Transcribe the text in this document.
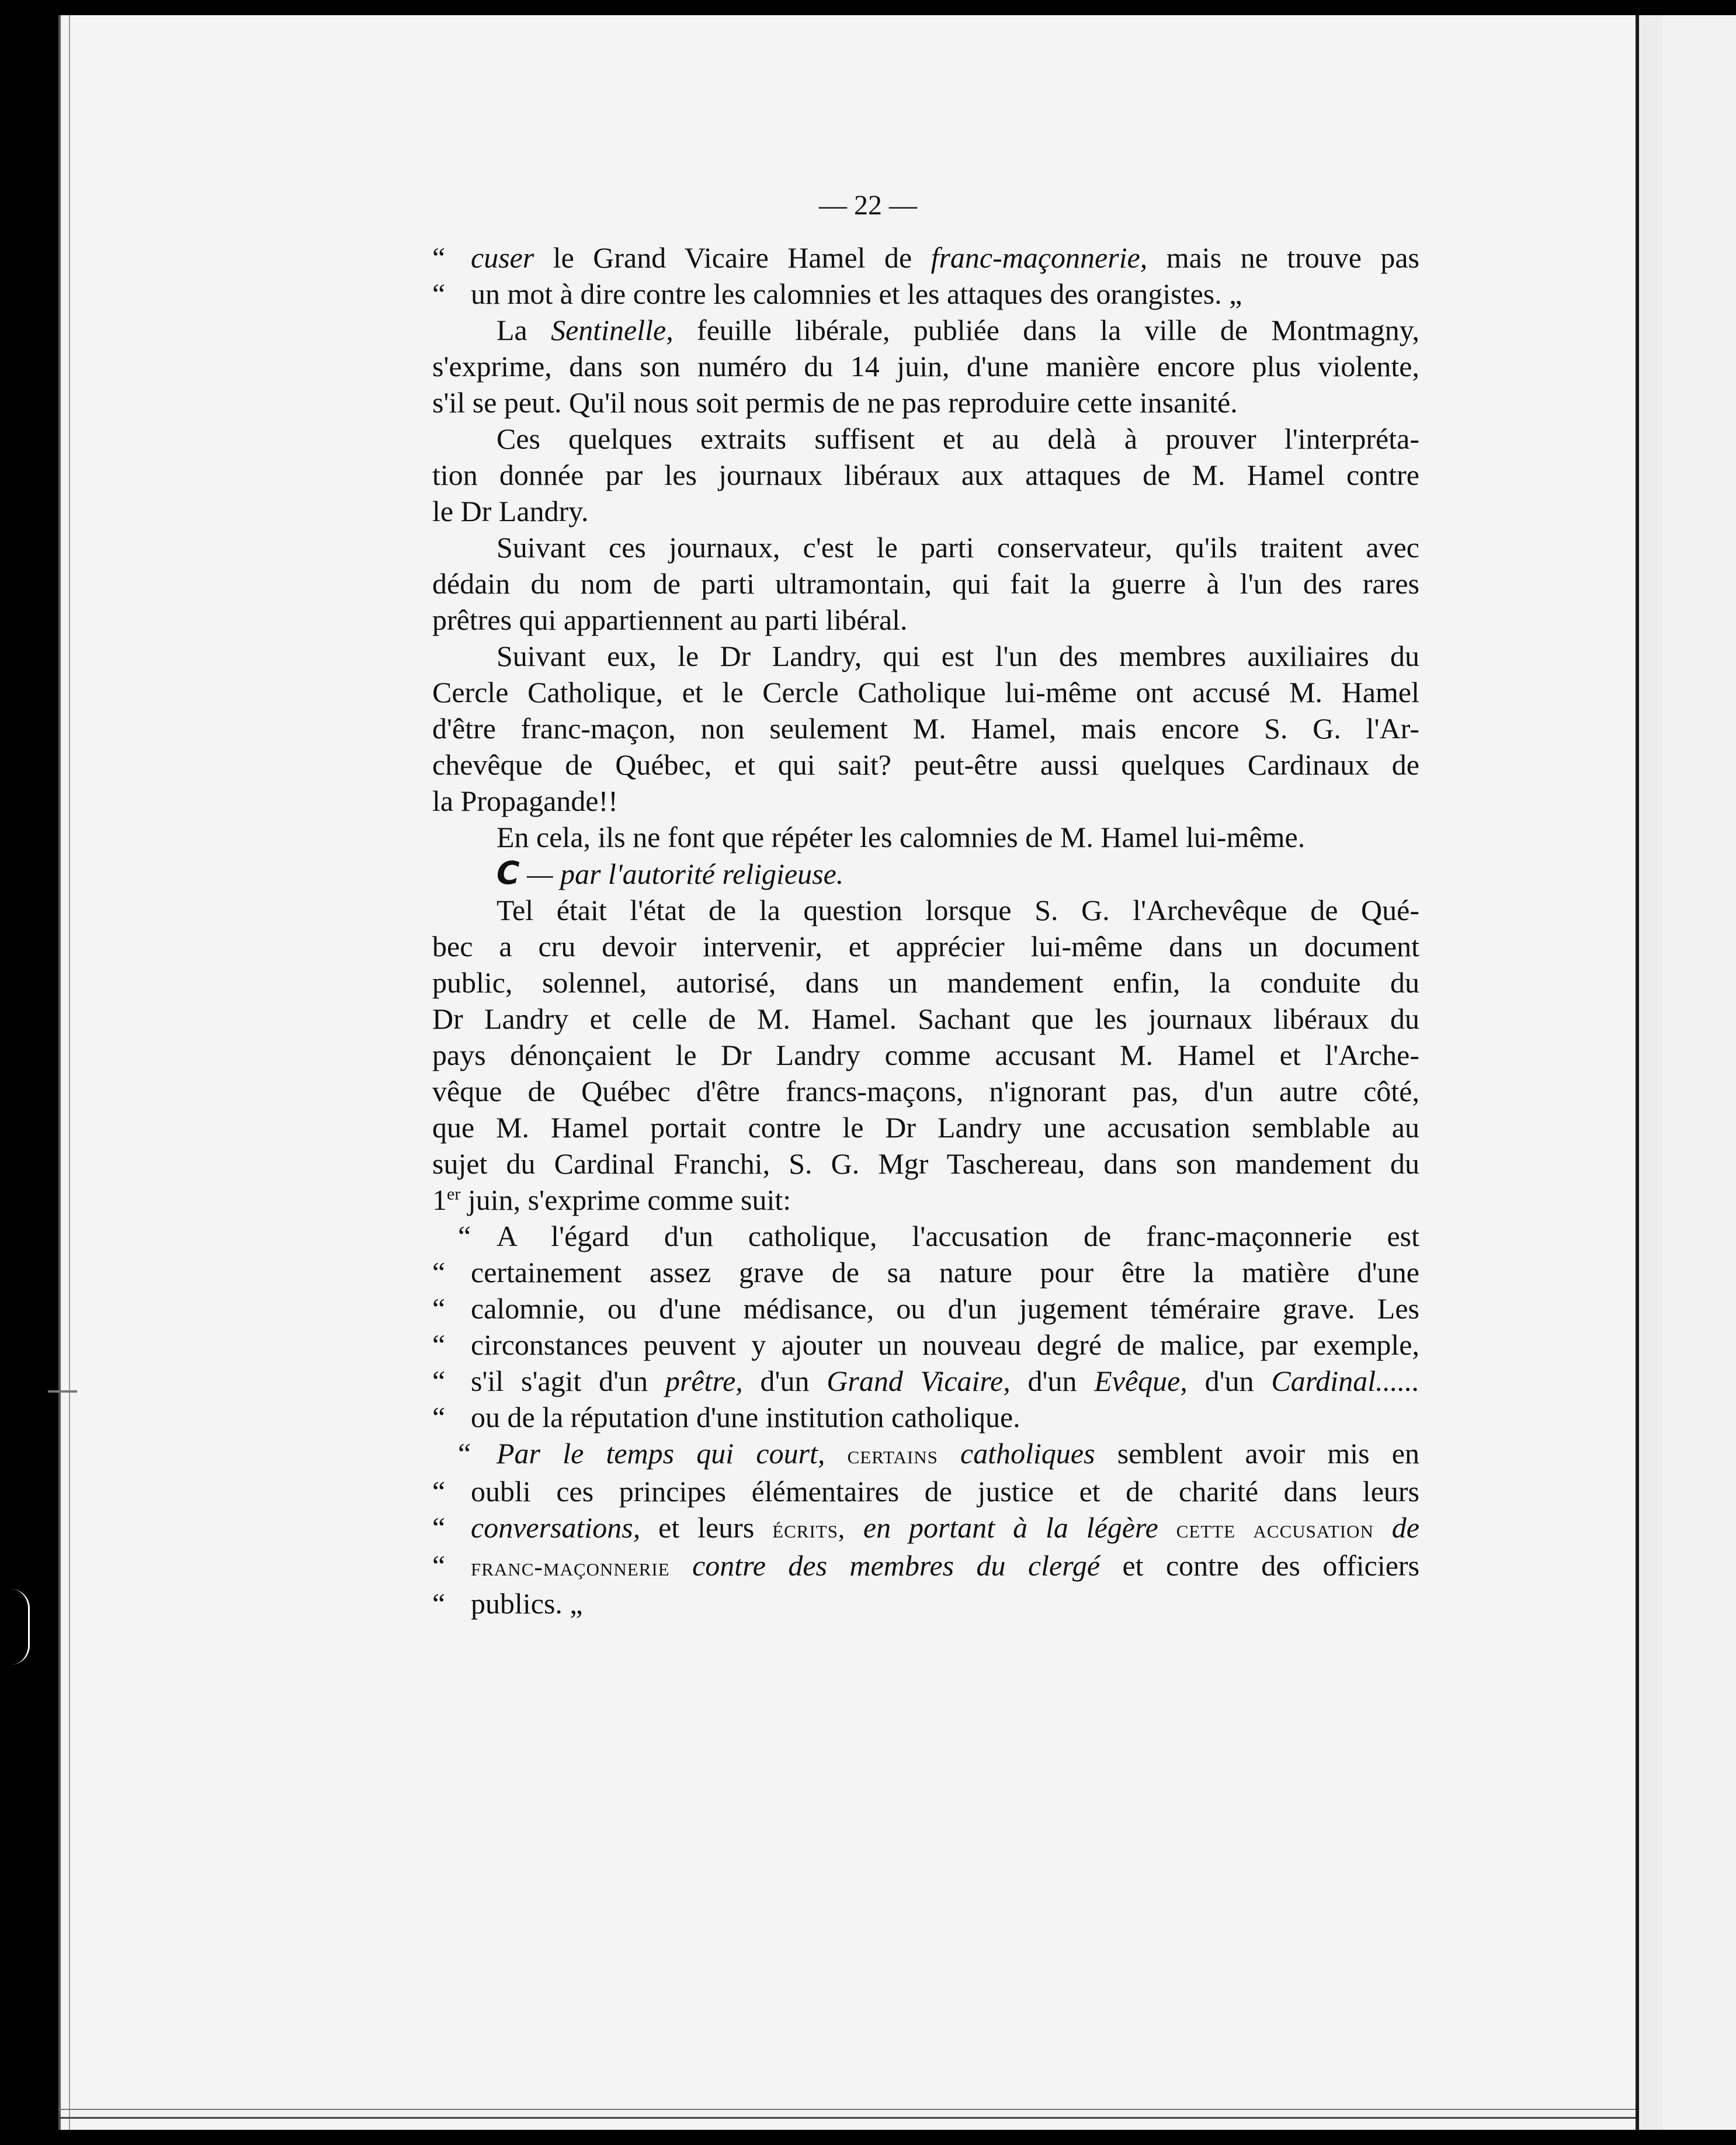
— 22 —
“ cuser le Grand Vicaire Hamel de franc-maçonnerie, mais ne trouve pas
“ un mot à dire contre les calomnies et les attaques des orangistes. „
La Sentinelle, feuille libérale, publiée dans la ville de Montmagny,
s'exprime, dans son numéro du 14 juin, d'une manière encore plus violente,
s'il se peut. Qu'il nous soit permis de ne pas reproduire cette insanité.
Ces quelques extraits suffisent et au delà à prouver l'interpréta-
tion donnée par les journaux libéraux aux attaques de M. Hamel contre
le Dr Landry.
Suivant ces journaux, c'est le parti conservateur, qu'ils traitent avec
dédain du nom de parti ultramontain, qui fait la guerre à l'un des rares
prêtres qui appartiennent au parti libéral.
Suivant eux, le Dr Landry, qui est l'un des membres auxiliaires du
Cercle Catholique, et le Cercle Catholique lui-même ont accusé M. Hamel
d'être franc-maçon, non seulement M. Hamel, mais encore S. G. l'Ar-
chevêque de Québec, et qui sait? peut-être aussi quelques Cardinaux de
la Propagande!!
En cela, ils ne font que répéter les calomnies de M. Hamel lui-même.
C — par l'autorité religieuse.
Tel était l'état de la question lorsque S. G. l'Archevêque de Qué-
bec a cru devoir intervenir, et apprécier lui-même dans un document
public, solennel, autorisé, dans un mandement enfin, la conduite du
Dr Landry et celle de M. Hamel. Sachant que les journaux libéraux du
pays dénonçaient le Dr Landry comme accusant M. Hamel et l'Arche-
vêque de Québec d'être francs-maçons, n'ignorant pas, d'un autre côté,
que M. Hamel portait contre le Dr Landry une accusation semblable au
sujet du Cardinal Franchi, S. G. Mgr Taschereau, dans son mandement du
1er juin, s'exprime comme suit:
“ A l'égard d'un catholique, l'accusation de franc-maçonnerie est
“ certainement assez grave de sa nature pour être la matière d'une
“ calomnie, ou d'une médisance, ou d'un jugement téméraire grave. Les
“ circonstances peuvent y ajouter un nouveau degré de malice, par exemple,
“ s'il s'agit d'un prêtre, d'un Grand Vicaire, d'un Evêque, d'un Cardinal......
“ ou de la réputation d'une institution catholique.
“ Par le temps qui court, certains catholiques semblent avoir mis en
“ oubli ces principes élémentaires de justice et de charité dans leurs
“ conversations, et leurs écrits, en portant à la légère cette accusation de
“ franc-maçonnerie contre des membres du clergé et contre des officiers
“ publics. „
